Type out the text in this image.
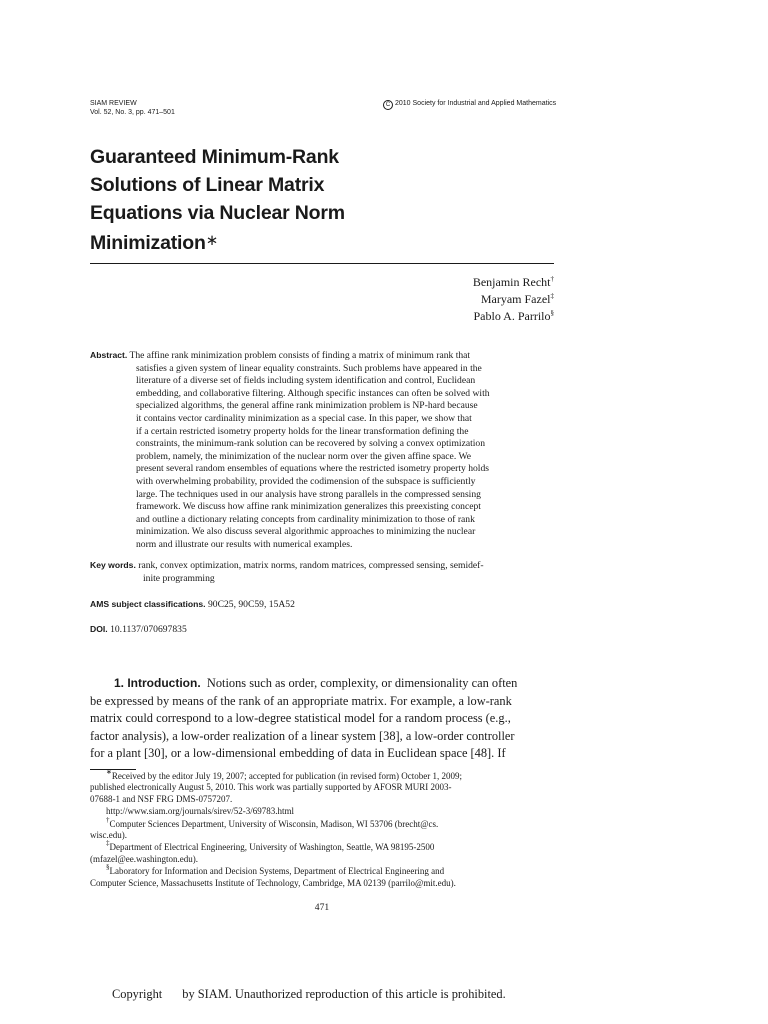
SIAM REVIEW
Vol. 52, No. 3, pp. 471–501
C 2010 Society for Industrial and Applied Mathematics
Guaranteed Minimum-Rank
Solutions of Linear Matrix
Equations via Nuclear Norm
Minimization∗
Benjamin Recht†
Maryam Fazel‡
Pablo A. Parrilo§
Abstract. The affine rank minimization problem consists of finding a matrix of minimum rank that
satisfies a given system of linear equality constraints. Such problems have appeared in the
literature of a diverse set of fields including system identification and control, Euclidean
embedding, and collaborative filtering. Although specific instances can often be solved with
specialized algorithms, the general affine rank minimization problem is NP-hard because
it contains vector cardinality minimization as a special case. In this paper, we show that
if a certain restricted isometry property holds for the linear transformation defining the
constraints, the minimum-rank solution can be recovered by solving a convex optimization
problem, namely, the minimization of the nuclear norm over the given affine space. We
present several random ensembles of equations where the restricted isometry property holds
with overwhelming probability, provided the codimension of the subspace is sufficiently
large. The techniques used in our analysis have strong parallels in the compressed sensing
framework. We discuss how affine rank minimization generalizes this preexisting concept
and outline a dictionary relating concepts from cardinality minimization to those of rank
minimization. We also discuss several algorithmic approaches to minimizing the nuclear
norm and illustrate our results with numerical examples.
Key words. rank, convex optimization, matrix norms, random matrices, compressed sensing, semidef-
inite programming
AMS subject classifications. 90C25, 90C59, 15A52
DOI. 10.1137/070697835
1. Introduction. Notions such as order, complexity, or dimensionality can often
be expressed by means of the rank of an appropriate matrix. For example, a low-rank
matrix could correspond to a low-degree statistical model for a random process (e.g.,
factor analysis), a low-order realization of a linear system [38], a low-order controller
for a plant [30], or a low-dimensional embedding of data in Euclidean space [48]. If
∗Received by the editor July 19, 2007; accepted for publication (in revised form) October 1, 2009;
published electronically August 5, 2010. This work was partially supported by AFOSR MURI 2003-
07688-1 and NSF FRG DMS-0757207.
http://www.siam.org/journals/sirev/52-3/69783.html
†Computer Sciences Department, University of Wisconsin, Madison, WI 53706 (brecht@cs.
wisc.edu).
‡Department of Electrical Engineering, University of Washington, Seattle, WA 98195-2500
(mfazel@ee.washington.edu).
§Laboratory for Information and Decision Systems, Department of Electrical Engineering and
Computer Science, Massachusetts Institute of Technology, Cambridge, MA 02139 (parrilo@mit.edu).
471
Copyright by SIAM. Unauthorized reproduction of this article is prohibited.
